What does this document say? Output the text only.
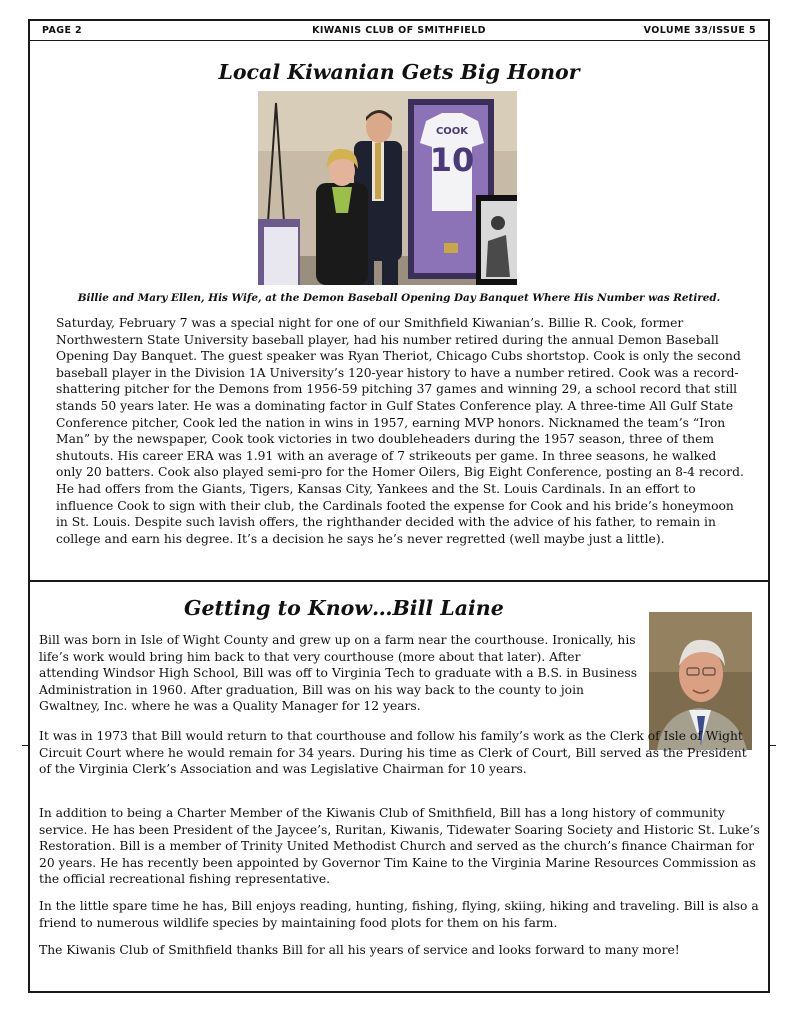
KIWANIS CLUB OF SMITHFIELD
PAGE 2	VOLUME 33/ISSUE 5
Local Kiwanian Gets Big Honor
COOK
10
Billie and Mary Ellen, His Wife, at the Demon Baseball Opening Day Banquet Where His Number was Retired.

Saturday, February 7 was a special night for one of our Smithfield Kiwanian’s. Billie R. Cook, former Northwestern State University baseball player, had his number retired during the annual Demon Baseball Opening Day Banquet. The guest speaker was Ryan Theriot, Chicago Cubs shortstop. Cook is only the second baseball player in the Division 1A University’s 120-year history to have a number retired. Cook was a record-shattering pitcher for the Demons from 1956-59 pitching 37 games and winning 29, a school record that still stands 50 years later. He was a dominating factor in Gulf States Conference play. A three-time All Gulf State Conference pitcher, Cook led the nation in wins in 1957, earning MVP honors. Nicknamed the team’s “Iron Man” by the newspaper, Cook took victories in two doubleheaders during the 1957 season, three of them shutouts. His career ERA was 1.91 with an average of 7 strikeouts per game. In three seasons, he walked only 20 batters. Cook also played semi-pro for the Homer Oilers, Big Eight Conference, posting an 8-4 record. He had offers from the Giants, Tigers, Kansas City, Yankees and the St. Louis Cardinals. In an effort to influence Cook to sign with their club, the Cardinals footed the expense for Cook and his bride’s honeymoon in St. Louis. Despite such lavish offers, the righthander decided with the advice of his father, to remain in college and earn his degree. It’s a decision he says he’s never regretted (well maybe just a little).

Getting to Know…Bill Laine

Bill was born in Isle of Wight County and grew up on a farm near the courthouse. Ironically, his life’s work would bring him back to that very courthouse (more about that later). After attending Windsor High School, Bill was off to Virginia Tech to graduate with a B.S. in Business Administration in 1960. After graduation, Bill was on his way back to the county to join Gwaltney, Inc. where he was a Quality Manager for 12 years.

It was in 1973 that Bill would return to that courthouse and follow his family’s work as the Clerk of Isle of Wight Circuit Court where he would remain for 34 years. During his time as Clerk of Court, Bill served as the President of the Virginia Clerk’s Association and was Legislative Chairman for 10 years.

In addition to being a Charter Member of the Kiwanis Club of Smithfield, Bill has a long history of community service. He has been President of the Jaycee’s, Ruritan, Kiwanis, Tidewater Soaring Society and Historic St. Luke’s Restoration. Bill is a member of Trinity United Methodist Church and served as the church’s finance Chairman for 20 years. He has recently been appointed by Governor Tim Kaine to the Virginia Marine Resources Commission as the official recreational fishing representative.

In the little spare time he has, Bill enjoys reading, hunting, fishing, flying, skiing, hiking and traveling. Bill is also a friend to numerous wildlife species by maintaining food plots for them on his farm.

The Kiwanis Club of Smithfield thanks Bill for all his years of service and looks forward to many more!
